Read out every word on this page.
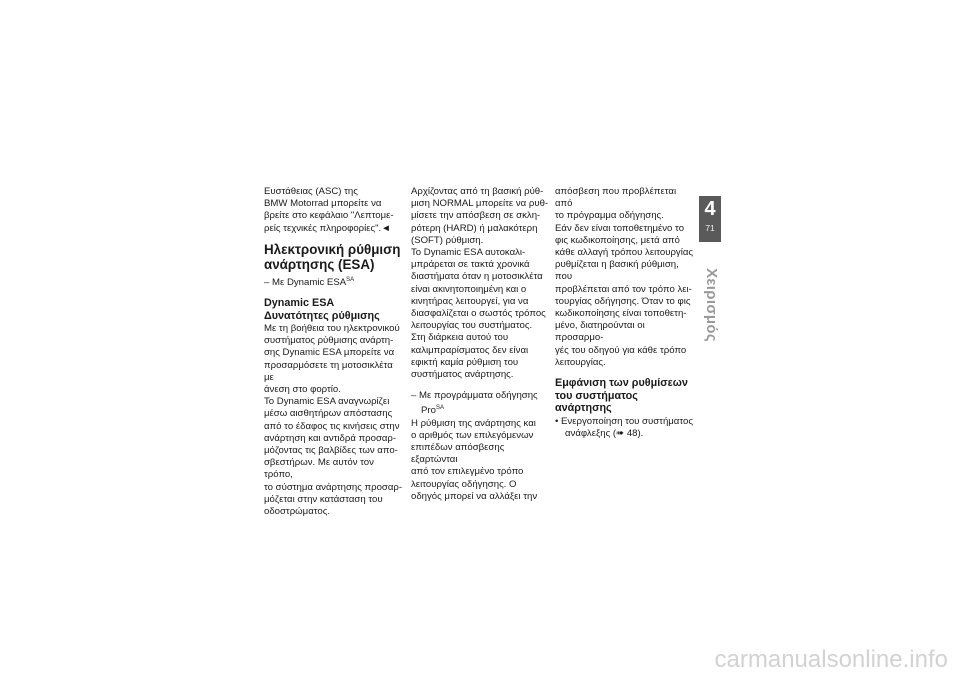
Ευστάθειας (ASC) της

BMW Motorrad μπορείτε να

βρείτε στο κεφάλαιο "Λεπτομε-

ρείς τεχνικές πληροφορίες".◄

Ηλεκτρονική ρύθμιση
ανάρτησης (ESA)

– Με Dynamic $ESA^{SA}$

Dynamic ESA
Δυνατότητες ρύθμισης

Με τη βοήθεια του ηλεκτρονικού

συστήματος ρύθμισης ανάρτη-

σης Dynamic ESA μπορείτε να

προσαρμόσετε τη μοτοσικλέτα με

άνεση στο φορτίο.

Το Dynamic ESA αναγνωρίζει

μέσω αισθητήρων απόστασης

από το έδαφος τις κινήσεις στην

ανάρτηση και αντιδρά προσαρ-

μόζοντας τις βαλβίδες των απο-

σβεστήρων. Με αυτόν τον τρόπο,

το σύστημα ανάρτησης προσαρ-

μόζεται στην κατάσταση του

οδοστρώματος.

Αρχίζοντας από τη βασική ρύθ-

μιση NORMAL μπορείτε να ρυθ-

μίσετε την απόσβεση σε σκλη-

ρότερη (HARD) ή μαλακότερη

(SOFT) ρύθμιση.

Το Dynamic ESA αυτοκαλι-

μπράρεται σε τακτά χρονικά

διαστήματα όταν η μοτοσικλέτα

είναι ακινητοποιημένη και ο

κινητήρας λειτουργεί, για να

διασφαλίζεται ο σωστός τρόπος

λειτουργίας του συστήματος.

Στη διάρκεια αυτού του

καλιμπραρίσματος δεν είναι

εφικτή καμία ρύθμιση του

συστήματος ανάρτησης.

– Με προγράμματα οδήγησης

Pro$^{SA}$

Η ρύθμιση της ανάρτησης και

ο αριθμός των επιλεγόμενων

επιπέδων απόσβεσης εξαρτώνται

από τον επιλεγμένο τρόπο

λειτουργίας οδήγησης. Ο

οδηγός μπορεί να αλλάξει την

απόσβεση που προβλέπεται από

το πρόγραμμα οδήγησης.

Εάν δεν είναι τοποθετημένο το

φις κωδικοποίησης, μετά από

κάθε αλλαγή τρόπου λειτουργίας

ρυθμίζεται η βασική ρύθμιση, που

προβλέπεται από τον τρόπο λει-

τουργίας οδήγησης. Όταν το φις

κωδικοποίησης είναι τοποθετη-

μένο, διατηρούνται οι προσαρμο-

γές του οδηγού για κάθε τρόπο

λειτουργίας.

Εμφάνιση των ρυθμίσεων
του συστήματος
ανάρτησης

• Ενεργοποίηση του συστήματος

ανάφλεξης (➠ 48).

4
71
Χειρισμός
carmanualsonline.info
